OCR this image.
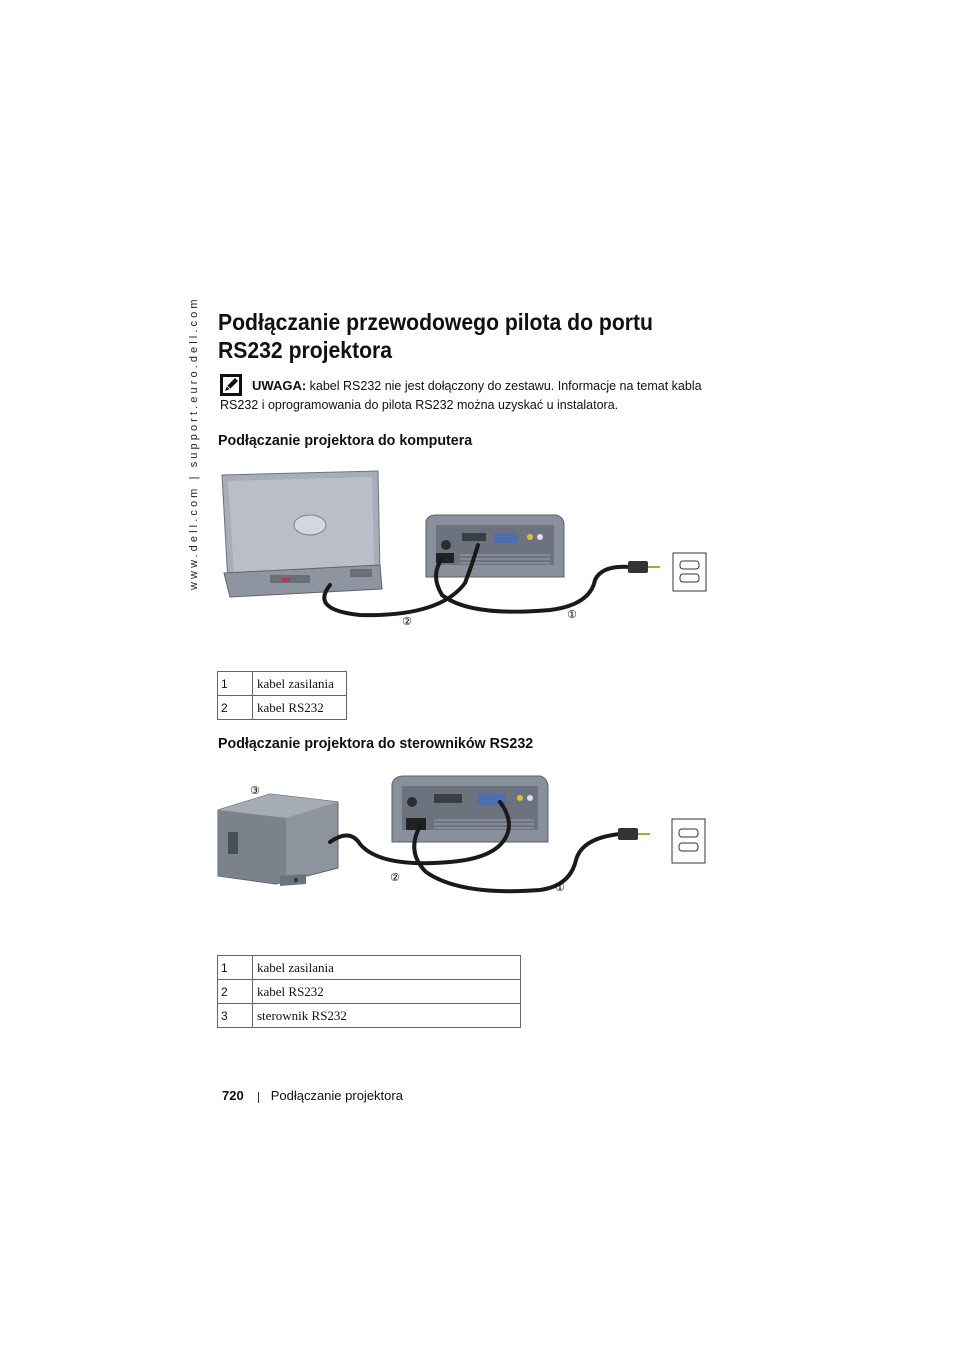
www.dell.com | support.euro.dell.com Podłączanie przewodowego pilota do portu RS232 projektora
UWAGA: kabel RS232 nie jest dołączony do zestawu. Informacje na temat kabla RS232 i oprogramowania do pilota RS232 można uzyskać u instalatora.
Podłączanie projektora do komputera
①
②
1	kabel zasilania
2	kabel RS232
Podłączanie projektora do sterowników RS232
①
②
③
1	kabel zasilania
2	kabel RS232
3	sterownik RS232
720 Podłączanie projektora
